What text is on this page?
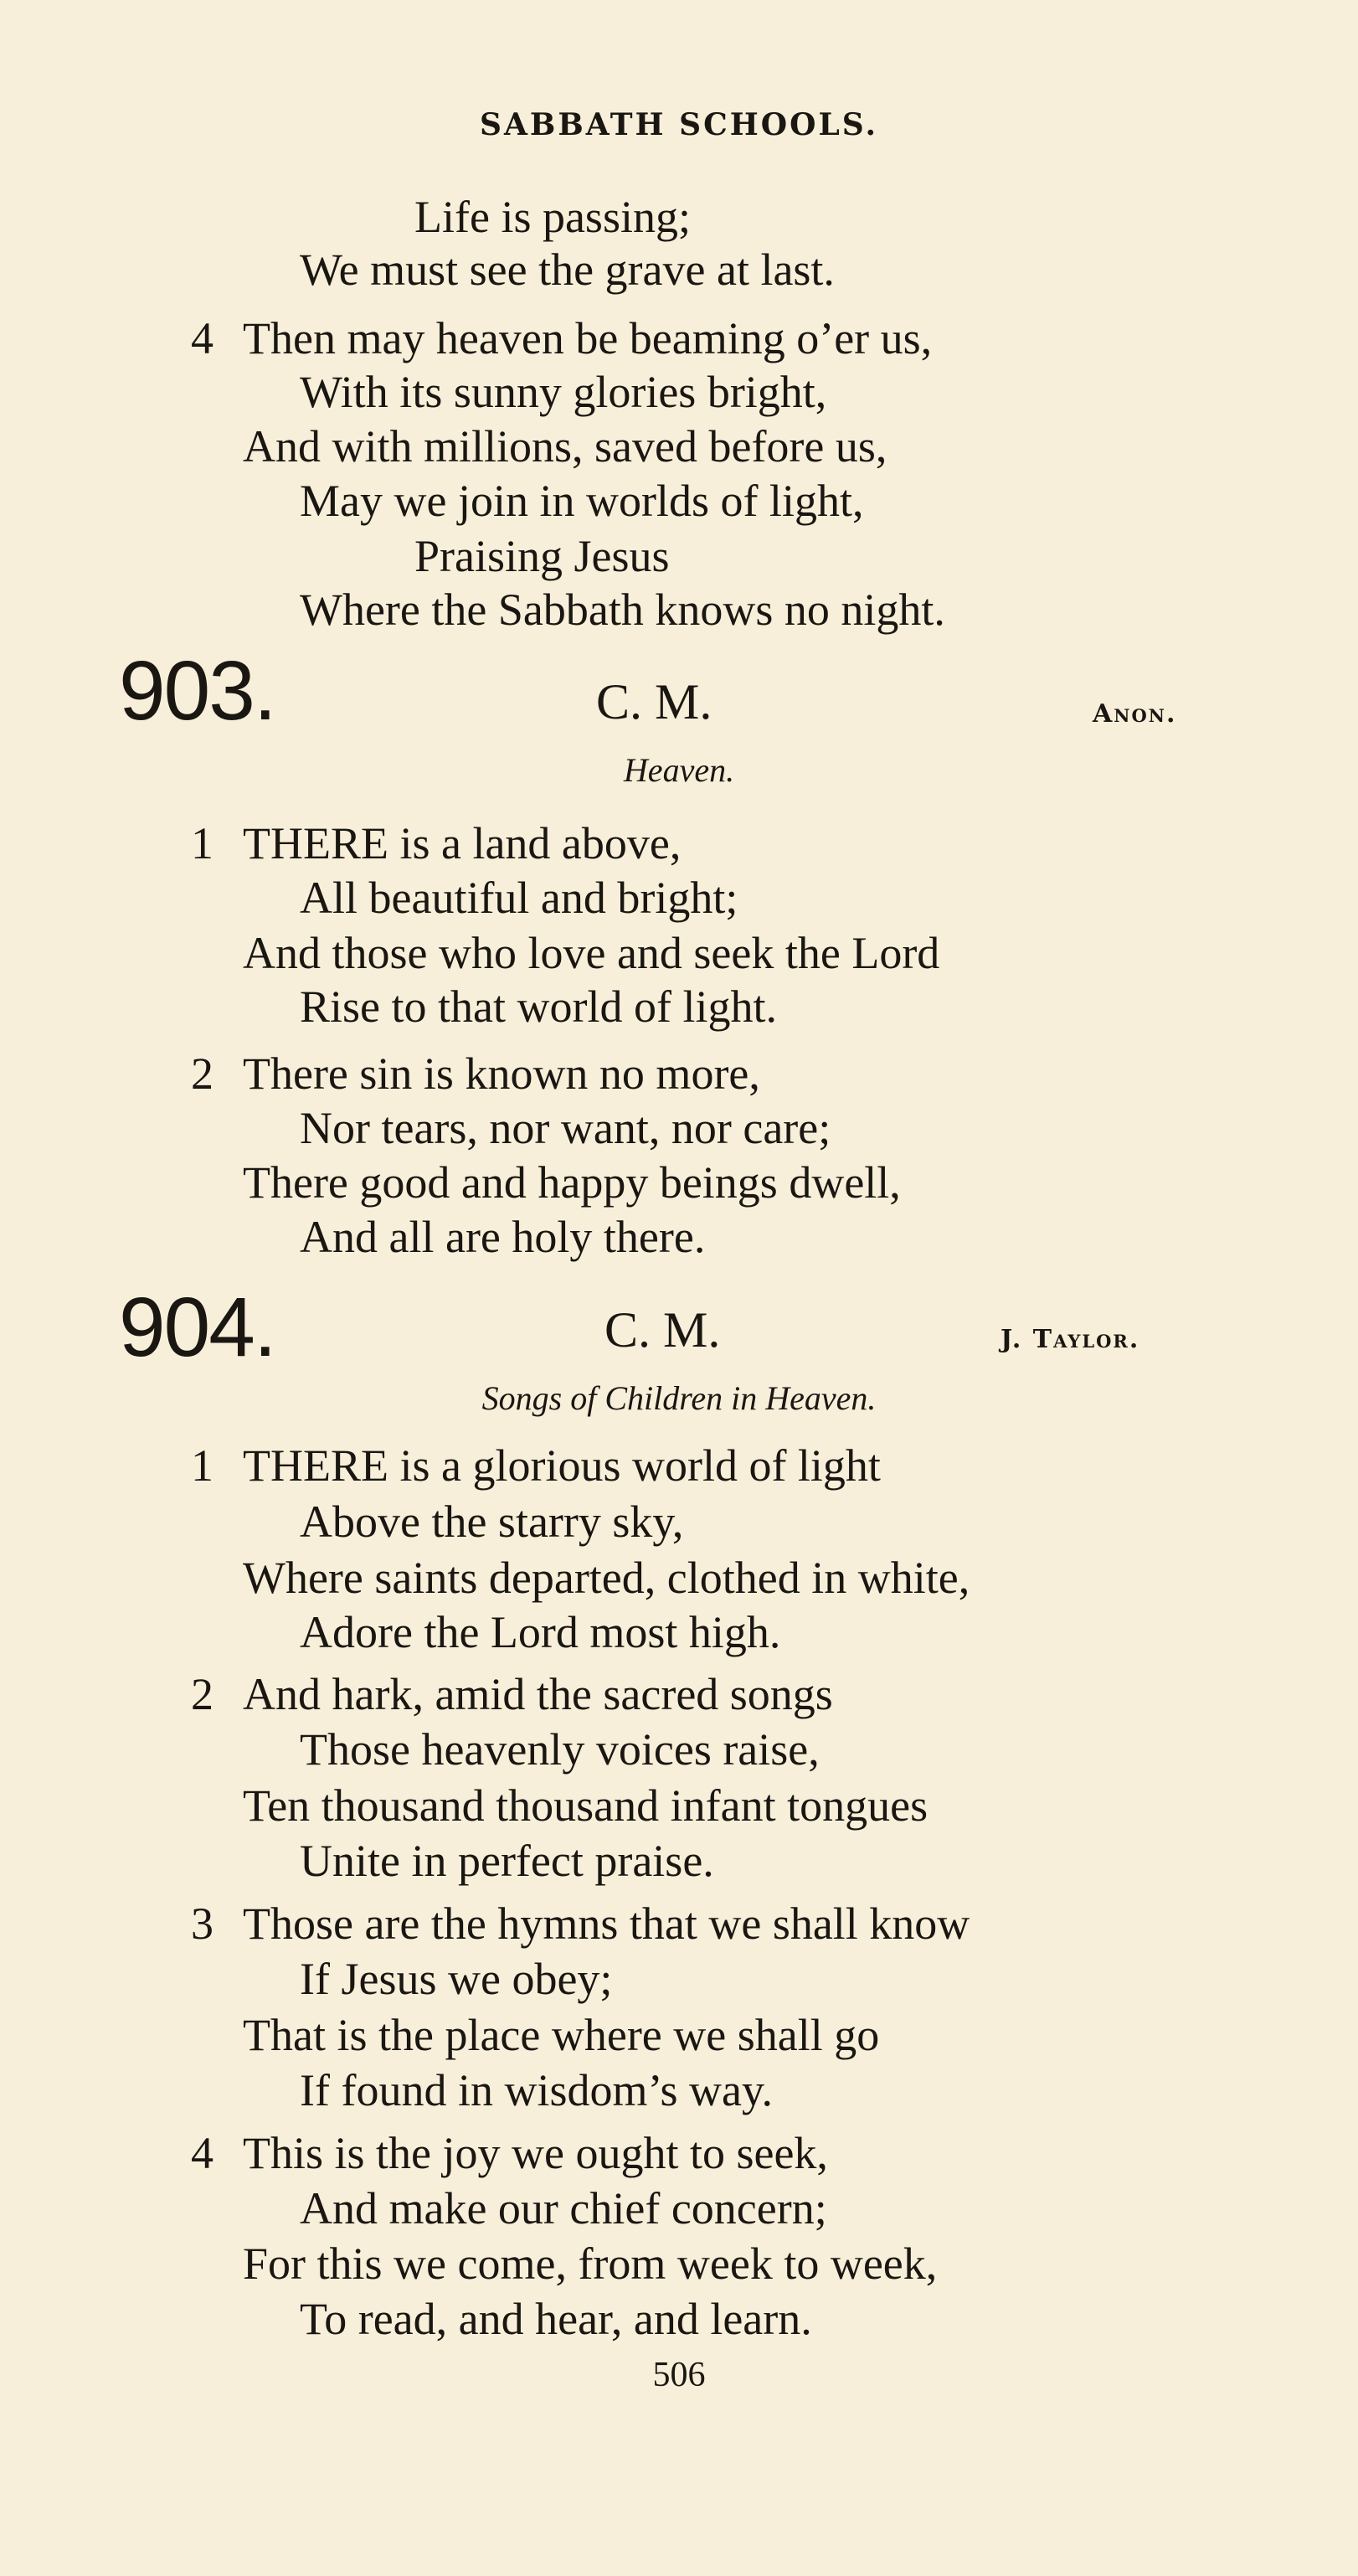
SABBATH SCHOOLS.
Life is passing;
We must see the grave at last.
4 Then may heaven be beaming o’er us,
With its sunny glories bright,
And with millions, saved before us,
May we join in worlds of light,
Praising Jesus
Where the Sabbath knows no night.
903.	C. M.	Anon.
Heaven.
1 THERE is a land above,
All beautiful and bright;
And those who love and seek the Lord
Rise to that world of light.
2 There sin is known no more,
Nor tears, nor want, nor care;
There good and happy beings dwell,
And all are holy there.
904.	C. M.	J. Taylor.
Songs of Children in Heaven.
1 THERE is a glorious world of light
Above the starry sky,
Where saints departed, clothed in white,
Adore the Lord most high.
2 And hark, amid the sacred songs
Those heavenly voices raise,
Ten thousand thousand infant tongues
Unite in perfect praise.
3 Those are the hymns that we shall know
If Jesus we obey;
That is the place where we shall go
If found in wisdom’s way.
4 This is the joy we ought to seek,
And make our chief concern;
For this we come, from week to week,
To read, and hear, and learn.
506
